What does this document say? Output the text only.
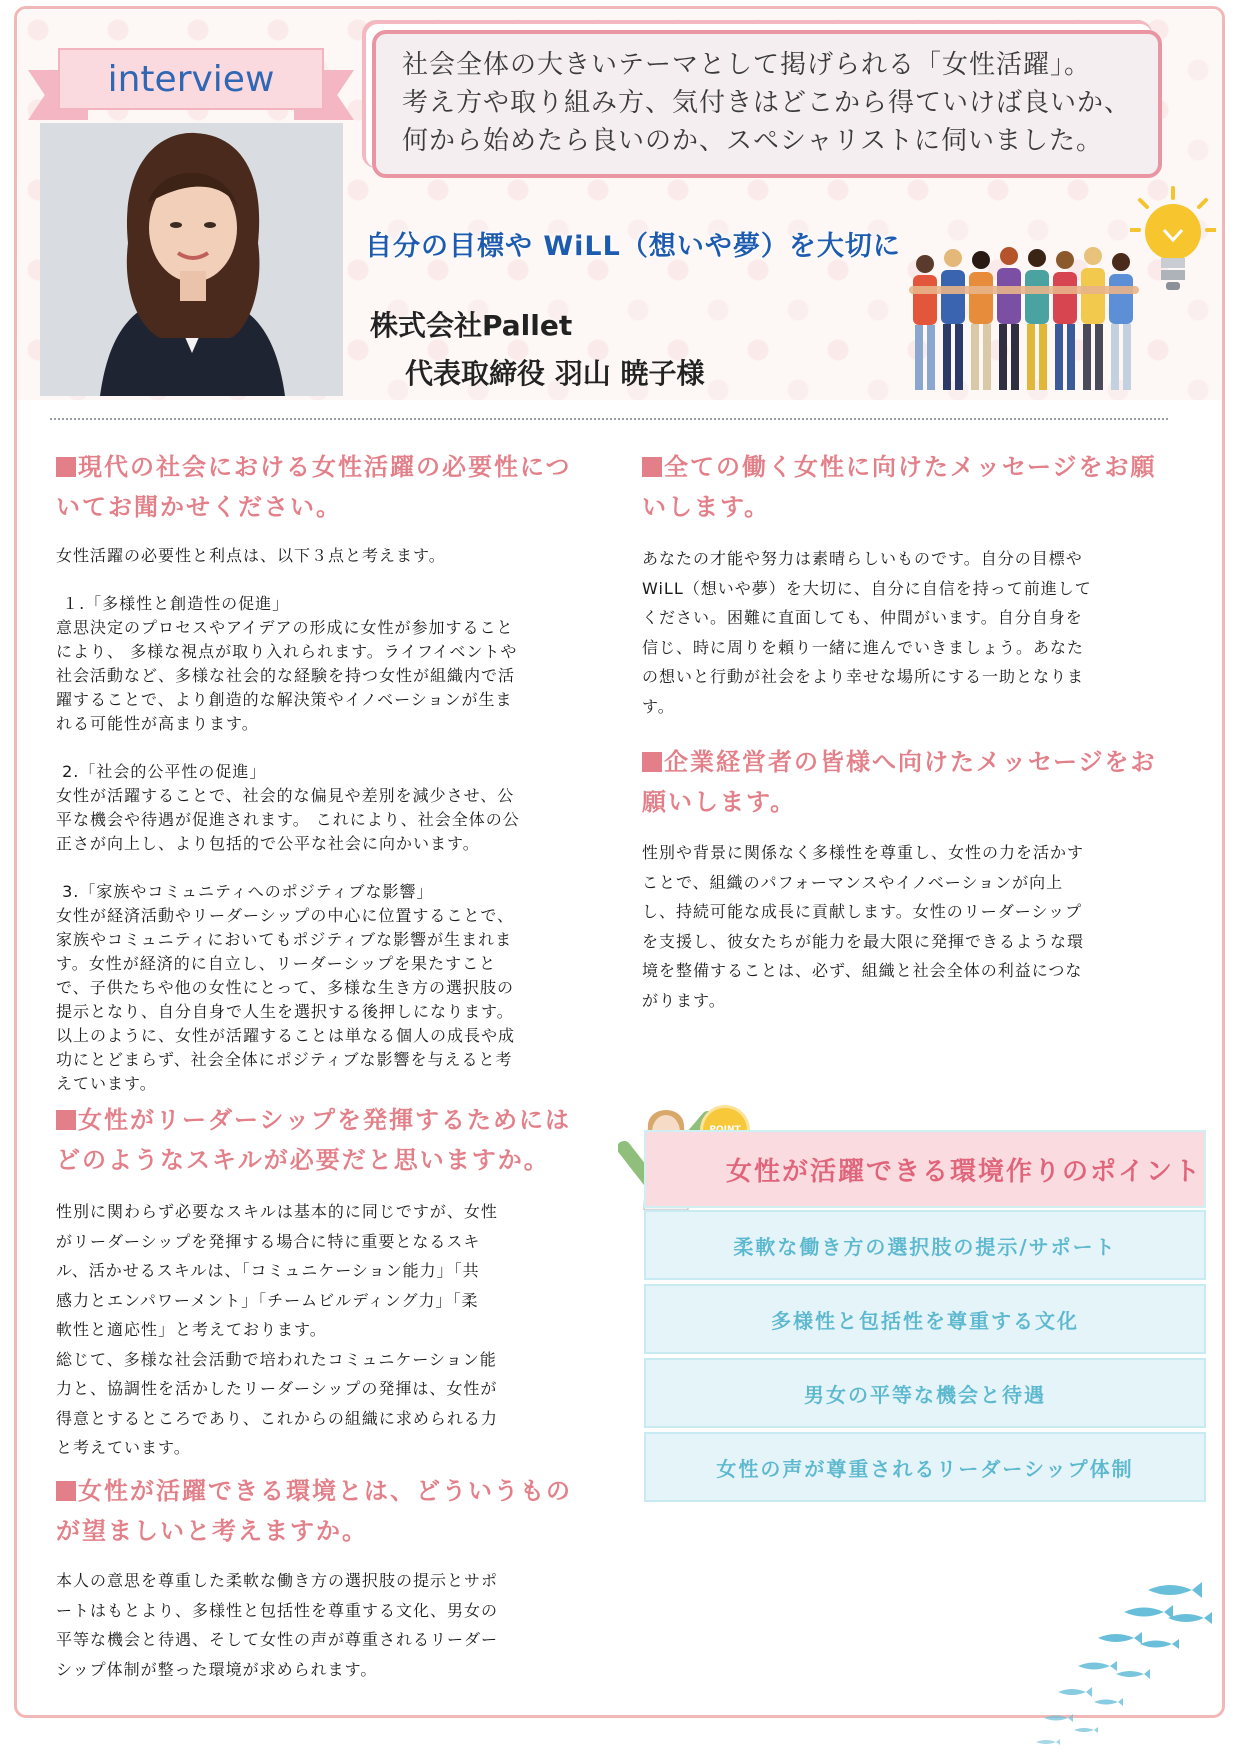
interview	社会全体の大きいテーマとして掲げられる「女性活躍」。

考え方や取り組み方、気付きはどこから得ていけば良いか、

何から始めたら良いのか、スペシャリストに伺いました。

自分の目標や WiLL（想いや夢）を大切に
株式会社Pallet
代表取締役 羽山 暁子様
現代の社会における女性活躍の必要性についてお聞かせください。
女性活躍の必要性と利点は、以下３点と考えます。

１.「多様性と創造性の促進」
意思決定のプロセスやアイデアの形成に女性が参加すること
により、 多様な視点が取り入れられます。ライフイベントや
社会活動など、多様な社会的な経験を持つ女性が組織内で活
躍することで、より創造的な解決策やイノベーションが生ま
れる可能性が高まります。

2.「社会的公平性の促進」
女性が活躍することで、社会的な偏見や差別を減少させ、公
平な機会や待遇が促進されます。 これにより、社会全体の公
正さが向上し、より包括的で公平な社会に向かいます。

3.「家族やコミュニティへのポジティブな影響」
女性が経済活動やリーダーシップの中心に位置することで、
家族やコミュニティにおいてもポジティブな影響が生まれま
す。女性が経済的に自立し、リーダーシップを果たすこと
で、子供たちや他の女性にとって、多様な生き方の選択肢の
提示となり、自分自身で人生を選択する後押しになります。
以上のように、女性が活躍することは単なる個人の成長や成
功にとどまらず、社会全体にポジティブな影響を与えると考
えています。
女性がリーダーシップを発揮するためにはどのようなスキルが必要だと思いますか。
性別に関わらず必要なスキルは基本的に同じですが、女性
がリーダーシップを発揮する場合に特に重要となるスキ
ル、活かせるスキルは、「コミュニケーション能力」「共
感力とエンパワーメント」「チームビルディング力」「柔
軟性と適応性」と考えております。
総じて、多様な社会活動で培われたコミュニケーション能
力と、協調性を活かしたリーダーシップの発揮は、女性が
得意とするところであり、これからの組織に求められる力
と考えています。
女性が活躍できる環境とは、どういうものが望ましいと考えますか。
本人の意思を尊重した柔軟な働き方の選択肢の提示とサポ
ートはもとより、多様性と包括性を尊重する文化、男女の
平等な機会と待遇、そして女性の声が尊重されるリーダー
シップ体制が整った環境が求められます。
全ての働く女性に向けたメッセージをお願いします。
あなたの才能や努力は素晴らしいものです。自分の目標や
WiLL（想いや夢）を大切に、自分に自信を持って前進して
ください。困難に直面しても、仲間がいます。自分自身を
信じ、時に周りを頼り一緒に進んでいきましょう。あなた
の想いと行動が社会をより幸せな場所にする一助となりま
す。
企業経営者の皆様へ向けたメッセージをお願いします。
性別や背景に関係なく多様性を尊重し、女性の力を活かす
ことで、組織のパフォーマンスやイノベーションが向上
し、持続可能な成長に貢献します。女性のリーダーシップ
を支援し、彼女たちが能力を最大限に発揮できるような環
境を整備することは、必ず、組織と社会全体の利益につな
がります。
女性が活躍できる環境作りのポイント
柔軟な働き方の選択肢の提示/サポート
多様性と包括性を尊重する文化
男女の平等な機会と待遇
女性の声が尊重されるリーダーシップ体制
